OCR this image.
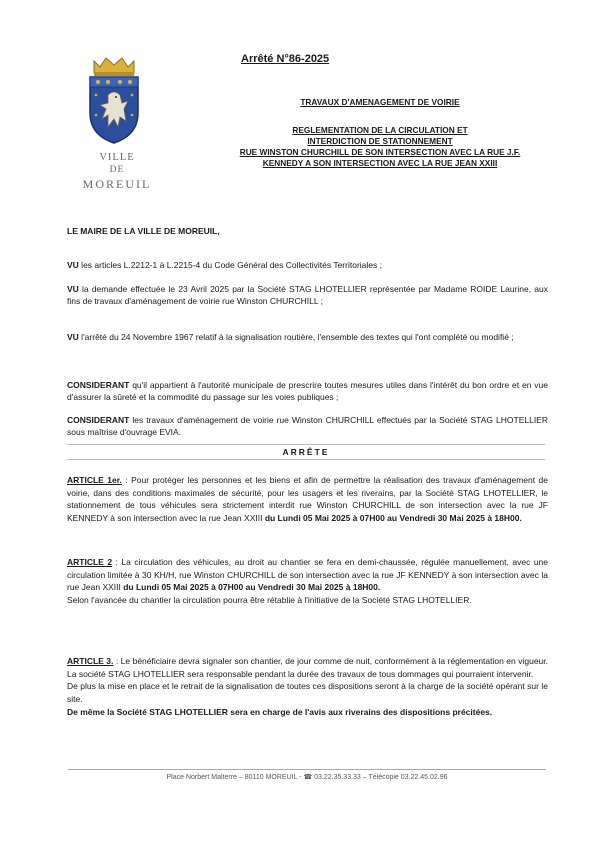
VILLE
DE
MOREUIL
Arrêté N°86-2025
TRAVAUX D'AMENAGEMENT DE VOIRIE
REGLEMENTATION DE LA CIRCULATION ET
INTERDICTION DE STATIONNEMENT
RUE WINSTON CHURCHILL DE SON INTERSECTION AVEC LA RUE J.F.
KENNEDY A SON INTERSECTION AVEC LA RUE JEAN XXIII
LE MAIRE DE LA VILLE DE MOREUIL,

VU les articles L.2212-1 à L.2215-4 du Code Général des Collectivités Territoriales ;

VU la demande effectuée le 23 Avril 2025 par la Société STAG LHOTELLIER représentée par Madame ROIDE Laurine, aux fins de travaux d'aménagement de voirie rue Winston CHURCHILL ;

VU l'arrêté du 24 Novembre 1967 relatif à la signalisation routière, l'ensemble des textes qui l'ont complété ou modifié ;

CONSIDERANT qu'il appartient à l'autorité municipale de prescrire toutes mesures utiles dans l'intérêt du bon ordre et en vue d'assurer la sûreté et la commodité du passage sur les voies publiques ;

CONSIDERANT les travaux d'aménagement de voirie rue Winston CHURCHILL effectués par la Société STAG LHOTELLIER sous maîtrise d'ouvrage EVIA.

ARRÊTE

ARTICLE 1er. : Pour protéger les personnes et les biens et afin de permettre la réalisation des travaux d'aménagement de voirie, dans des conditions maximales de sécurité, pour les usagers et les riverains, par la Société STAG LHOTELLIER, le stationnement de tous véhicules sera strictement interdit rue Winston CHURCHILL de son intersection avec la rue JF KENNEDY à son intersection avec la rue Jean XXIII du Lundi 05 Mai 2025 à 07H00 au Vendredi 30 Mai 2025 à 18H00.

ARTICLE 2 : La circulation des véhicules, au droit au chantier se fera en demi-chaussée, régulée manuellement, avec une circulation limitée à 30 KH/H, rue Winston CHURCHILL de son intersection avec la rue JF KENNEDY à son intersection avec la rue Jean XXIII du Lundi 05 Mai 2025 à 07H00 au Vendredi 30 Mai 2025 à 18H00.

Selon l'avancée du chantier la circulation pourra être rétablie à l'initiative de la Société STAG LHOTELLIER.

ARTICLE 3. : Le bénéficiaire devra signaler son chantier, de jour comme de nuit, conformément à la réglementation en vigueur. La société STAG LHOTELLIER sera responsable pendant la durée des travaux de tous dommages qui pourraient intervenir.

De plus la mise en place et le retrait de la signalisation de toutes ces dispositions seront à la charge de la société opérant sur le site.

De même la Société STAG LHOTELLIER sera en charge de l'avis aux riverains des dispositions précitées.

Place Norbert Malterre – 80110 MOREUIL - ☎ 03.22.35.33.33 – Télécopie 03.22.45.02.96
